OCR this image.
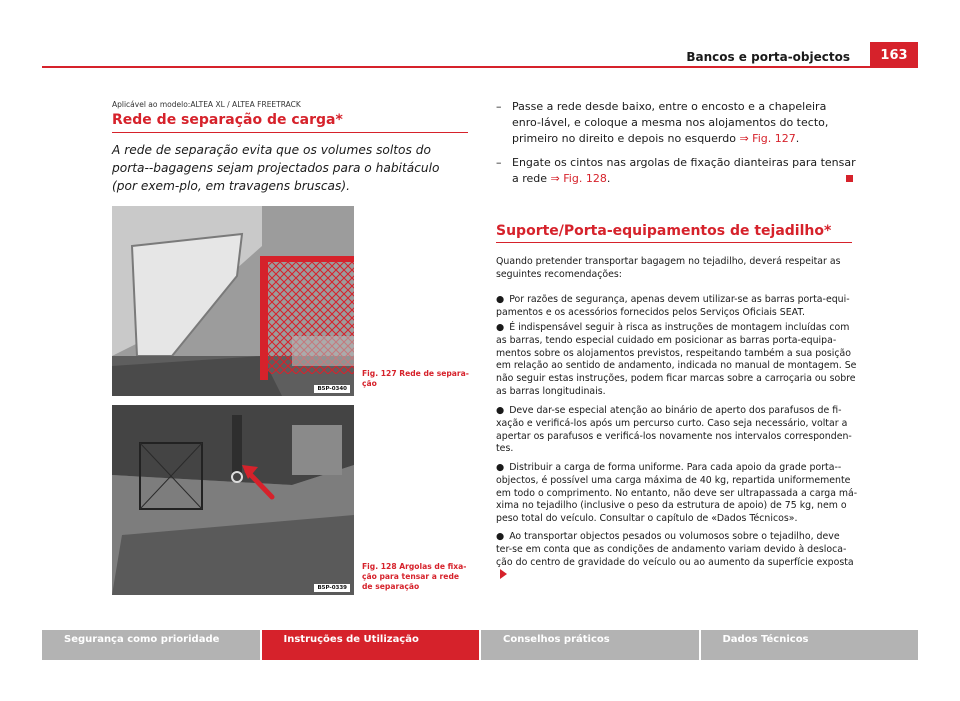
Bancos e porta-objectos	163
Aplicável ao modelo:ALTEA XL / ALTEA FREETRACK
Rede de separação de carga*
A rede de separação evita que os volumes soltos do porta--bagagens sejam projectados para o habitáculo (por exem-plo, em travagens bruscas).
B5P-0340
Fig. 127 Rede de separa-ção
B5P-0339
Fig. 128 Argolas de fixa-ção para tensar a rede de separação
– Passe a rede desde baixo, entre o encosto e a chapeleira enro-lável, e coloque a mesma nos alojamentos do tecto, primeiro no direito e depois no esquerdo ⇒ Fig. 127.
– Engate os cintos nas argolas de fixação dianteiras para tensar a rede ⇒ Fig. 128.
Suporte/Porta-equipamentos de tejadilho*
Quando pretender transportar bagagem no tejadilho, deverá respeitar as seguintes recomendações:
● Por razões de segurança, apenas devem utilizar-se as barras porta-equi-pamentos e os acessórios fornecidos pelos Serviços Oficiais SEAT.
● É indispensável seguir à risca as instruções de montagem incluídas com as barras, tendo especial cuidado em posicionar as barras porta-equipa-mentos sobre os alojamentos previstos, respeitando também a sua posição em relação ao sentido de andamento, indicada no manual de montagem. Se não seguir estas instruções, podem ficar marcas sobre a carroçaria ou sobre as barras longitudinais.
● Deve dar-se especial atenção ao binário de aperto dos parafusos de fi-xação e verificá-los após um percurso curto. Caso seja necessário, voltar a apertar os parafusos e verificá-los novamente nos intervalos corresponden-tes.
● Distribuir a carga de forma uniforme. Para cada apoio da grade porta--objectos, é possível uma carga máxima de 40 kg, repartida uniformemente em todo o comprimento. No entanto, não deve ser ultrapassada a carga má-xima no tejadilho (inclusive o peso da estrutura de apoio) de 75 kg, nem o peso total do veículo. Consultar o capítulo de «Dados Técnicos».
● Ao transportar objectos pesados ou volumosos sobre o tejadilho, deve ter-se em conta que as condições de andamento variam devido à desloca-ção do centro de gravidade do veículo ou ao aumento da superfície exposta
Segurança como prioridade	Instruções de Utilização	Conselhos práticos	Dados Técnicos
